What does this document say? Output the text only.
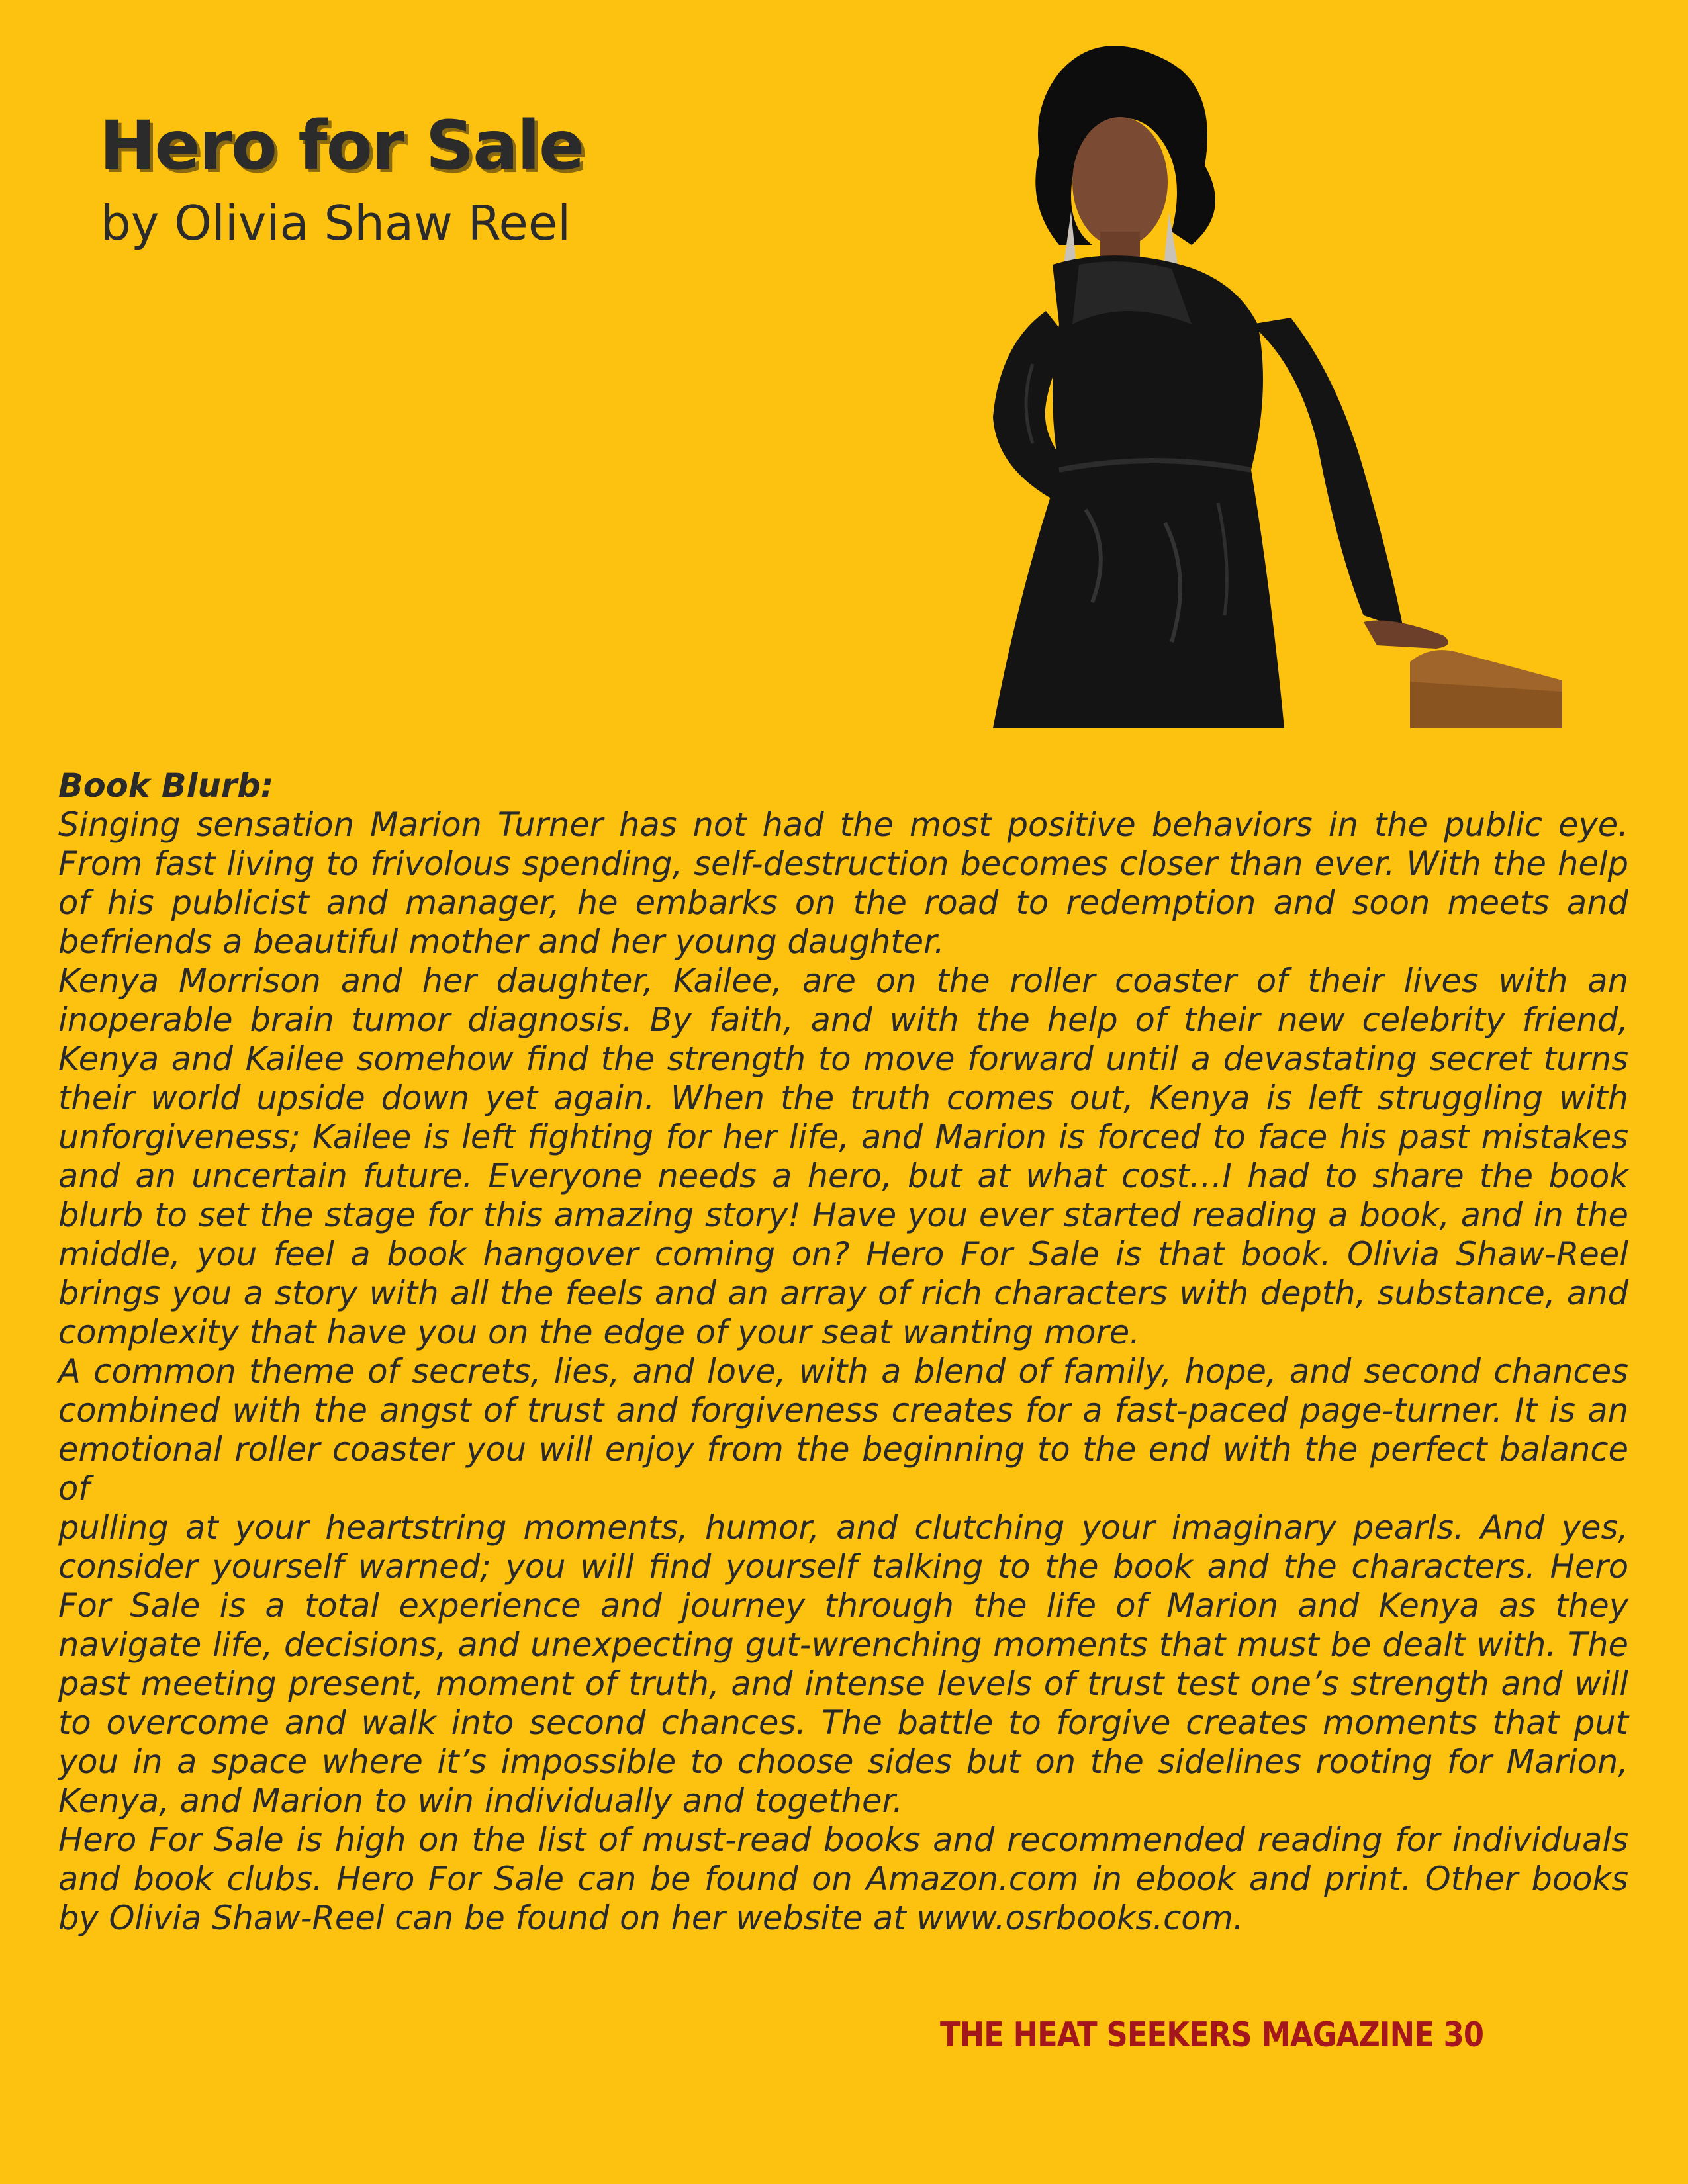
Hero for Sale
by Olivia Shaw Reel
Book Blurb:

Singing sensation Marion Turner has not had the most positive behaviors in the public eye. From fast living to frivolous spending, self-destruction becomes closer than ever. With the help of his publicist and manager, he embarks on the road to redemption and soon meets and befriends a beautiful mother and her young daughter.

Kenya Morrison and her daughter, Kailee, are on the roller coaster of their lives with an inoperable brain tumor diagnosis. By faith, and with the help of their new celebrity friend, Kenya and Kailee somehow find the strength to move forward until a devastating secret turns their world upside down yet again. When the truth comes out, Kenya is left struggling with unforgiveness; Kailee is left fighting for her life, and Marion is forced to face his past mistakes and an uncertain future. Everyone needs a hero, but at what cost…I had to share the book blurb to set the stage for this amazing story! Have you ever started reading a book, and in the middle, you feel a book hangover coming on? Hero For Sale is that book. Olivia Shaw-Reel brings you a story with all the feels and an array of rich characters with depth, substance, and complexity that have you on the edge of your seat wanting more.

A common theme of secrets, lies, and love, with a blend of family, hope, and second chances combined with the angst of trust and forgiveness creates for a fast-paced page-turner. It is an emotional roller coaster you will enjoy from the beginning to the end with the perfect balance of

pulling at your heartstring moments, humor, and clutching your imaginary pearls. And yes, consider yourself warned; you will find yourself talking to the book and the characters. Hero For Sale is a total experience and journey through the life of Marion and Kenya as they navigate life, decisions, and unexpecting gut-wrenching moments that must be dealt with. The past meeting present, moment of truth, and intense levels of trust test one’s strength and will to overcome and walk into second chances. The battle to forgive creates moments that put you in a space where it’s impossible to choose sides but on the sidelines rooting for Marion, Kenya, and Marion to win individually and together.

Hero For Sale is high on the list of must-read books and recommended reading for individuals and book clubs. Hero For Sale can be found on Amazon.com in ebook and print. Other books by Olivia Shaw-Reel can be found on her website at www.osrbooks.com.

THE HEAT SEEKERS MAGAZINE 30
